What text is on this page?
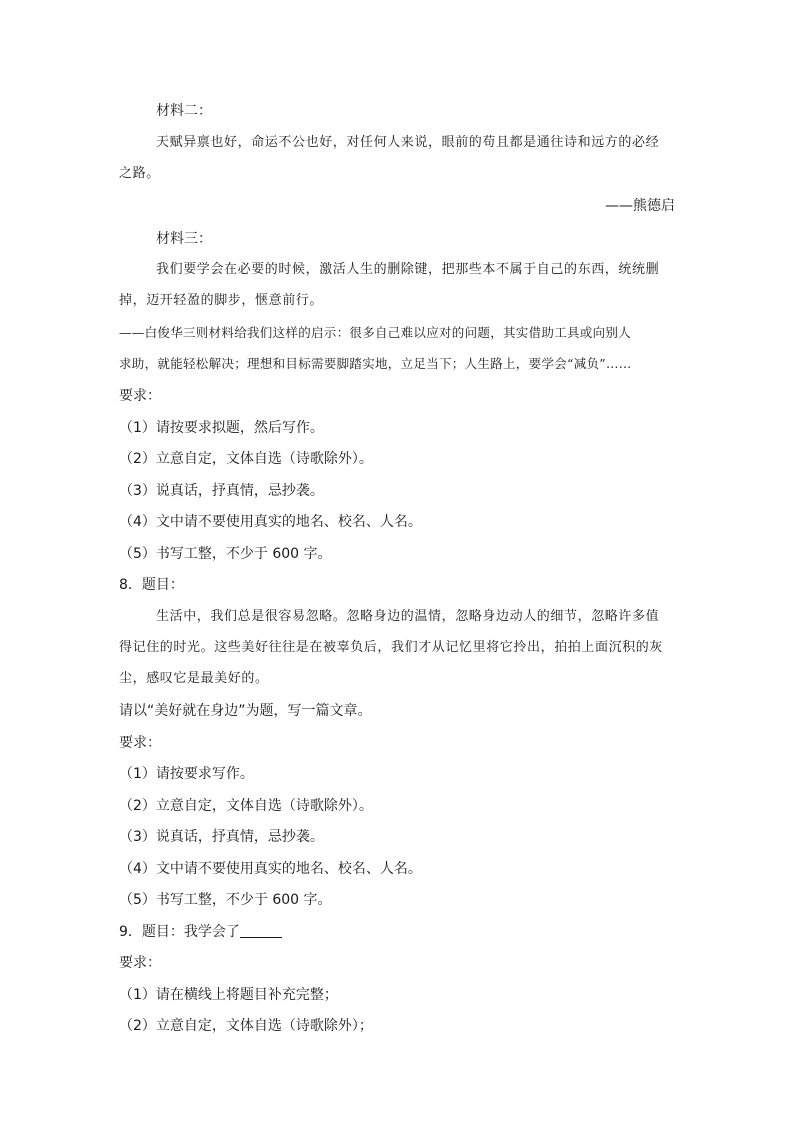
材料二：
天赋异禀也好，命运不公也好，对任何人来说，眼前的苟且都是通往诗和远方的必经
之路。
——熊德启
材料三：
我们要学会在必要的时候，激活人生的删除键，把那些本不属于自己的东西，统统删
掉，迈开轻盈的脚步，惬意前行。
——白俊华三则材料给我们这样的启示：很多自己难以应对的问题，其实借助工具或向别人
求助，就能轻松解决；理想和目标需要脚踏实地，立足当下；人生路上，要学会“减负”……
要求：
（1）请按要求拟题，然后写作。
（2）立意自定，文体自选（诗歌除外）。
（3）说真话，抒真情，忌抄袭。
（4）文中请不要使用真实的地名、校名、人名。
（5）书写工整，不少于 600 字。
8．题目：
生活中，我们总是很容易忽略。忽略身边的温情，忽略身边动人的细节，忽略许多值
得记住的时光。这些美好往往是在被辜负后，我们才从记忆里将它拎出，拍拍上面沉积的灰
尘，感叹它是最美好的。
请以“美好就在身边”为题，写一篇文章。
要求：
（1）请按要求写作。
（2）立意自定，文体自选（诗歌除外）。
（3）说真话，抒真情，忌抄袭。
（4）文中请不要使用真实的地名、校名、人名。
（5）书写工整，不少于 600 字。
9．题目：我学会了
要求：
（1）请在横线上将题目补充完整；
（2）立意自定，文体自选（诗歌除外）；
